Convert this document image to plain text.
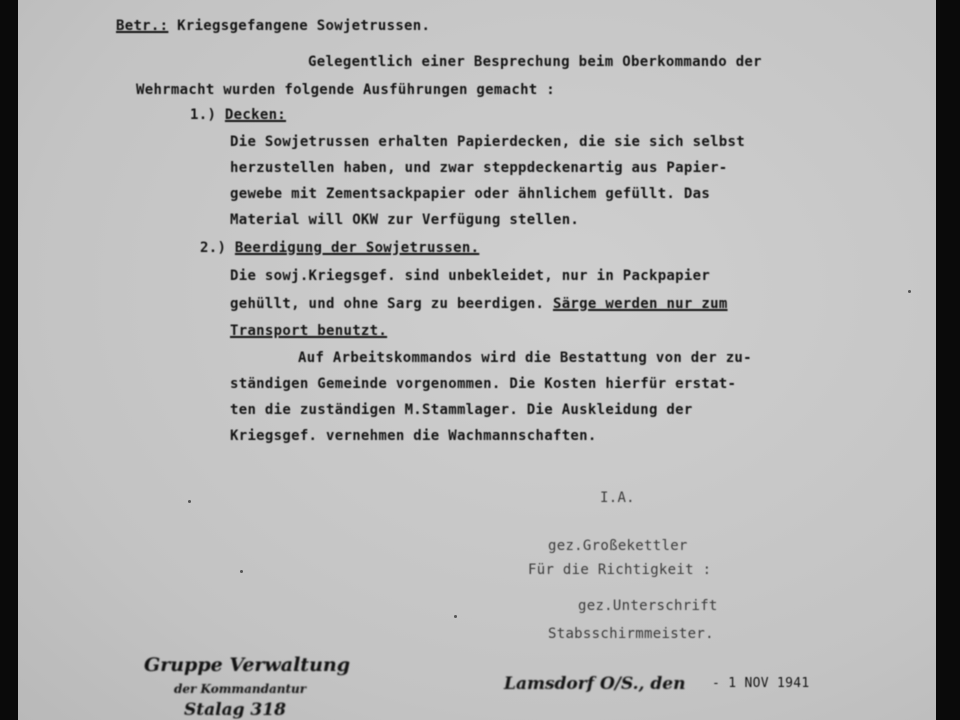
Betr.: Kriegsgefangene Sowjetrussen.
Gelegentlich einer Besprechung beim Oberkommando der
Wehrmacht wurden folgende Ausführungen gemacht :
1.) Decken:
Die Sowjetrussen erhalten Papierdecken, die sie sich selbst
herzustellen haben, und zwar steppdeckenartig aus Papier-
gewebe mit Zementsackpapier oder ähnlichem gefüllt. Das
Material will OKW zur Verfügung stellen.
2.) Beerdigung der Sowjetrussen.
Die sowj.Kriegsgef. sind unbekleidet, nur in Packpapier
gehüllt, und ohne Sarg zu beerdigen. Särge werden nur zum
Transport benutzt.
Auf Arbeitskommandos wird die Bestattung von der zu-
ständigen Gemeinde vorgenommen. Die Kosten hierfür erstat-
ten die zuständigen M.Stammlager. Die Auskleidung der
Kriegsgef. vernehmen die Wachmannschaften.
I.A.
gez.Großekettler
Für die Richtigkeit :
gez.Unterschrift
Stabsschirmmeister.
Gruppe Verwaltung
der Kommandantur
Stalag 318
Lamsdorf O/S., den - 1 NOV 1941
